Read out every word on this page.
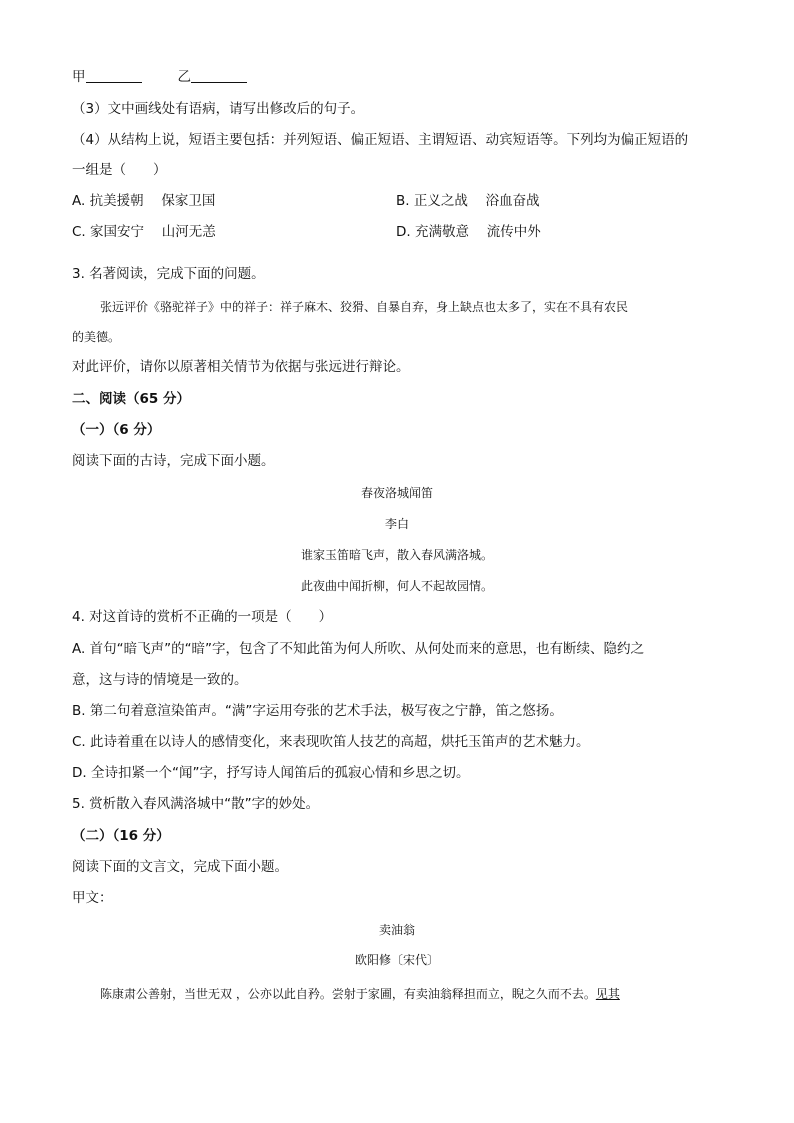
甲	乙
（3）文中画线处有语病，请写出修改后的句子。
（4）从结构上说，短语主要包括：并列短语、偏正短语、主谓短语、动宾短语等。下列均为偏正短语的
一组是（　　）
A. 抗美援朝　 保家卫国	B. 正义之战　 浴血奋战
C. 家国安宁　 山河无恙	D. 充满敬意　 流传中外
3. 名著阅读，完成下面的问题。
张远评价《骆驼祥子》中的祥子：祥子麻木、狡猾、自暴自弃，身上缺点也太多了，实在不具有农民
的美德。
对此评价，请你以原著相关情节为依据与张远进行辩论。
二、阅读（65 分）
（一）（6 分）
阅读下面的古诗，完成下面小题。
春夜洛城闻笛
李白
谁家玉笛暗飞声，散入春风满洛城。
此夜曲中闻折柳，何人不起故园情。
4. 对这首诗的赏析不正确的一项是（　　）
A. 首句“暗飞声”的“暗”字，包含了不知此笛为何人所吹、从何处而来的意思，也有断续、隐约之
意，这与诗的情境是一致的。
B. 第二句着意渲染笛声。“满”字运用夸张的艺术手法，极写夜之宁静，笛之悠扬。
C. 此诗着重在以诗人的感情变化，来表现吹笛人技艺的高超，烘托玉笛声的艺术魅力。
D. 全诗扣紧一个“闻”字，抒写诗人闻笛后的孤寂心情和乡思之切。
5. 赏析散入春风满洛城中“散”字的妙处。
（二）（16 分）
阅读下面的文言文，完成下面小题。
甲文：
卖油翁
欧阳修〔宋代〕
陈康肃公善射，当世无双 ，公亦以此自矜。尝射于家圃，有卖油翁释担而立，睨之久而不去。见其
